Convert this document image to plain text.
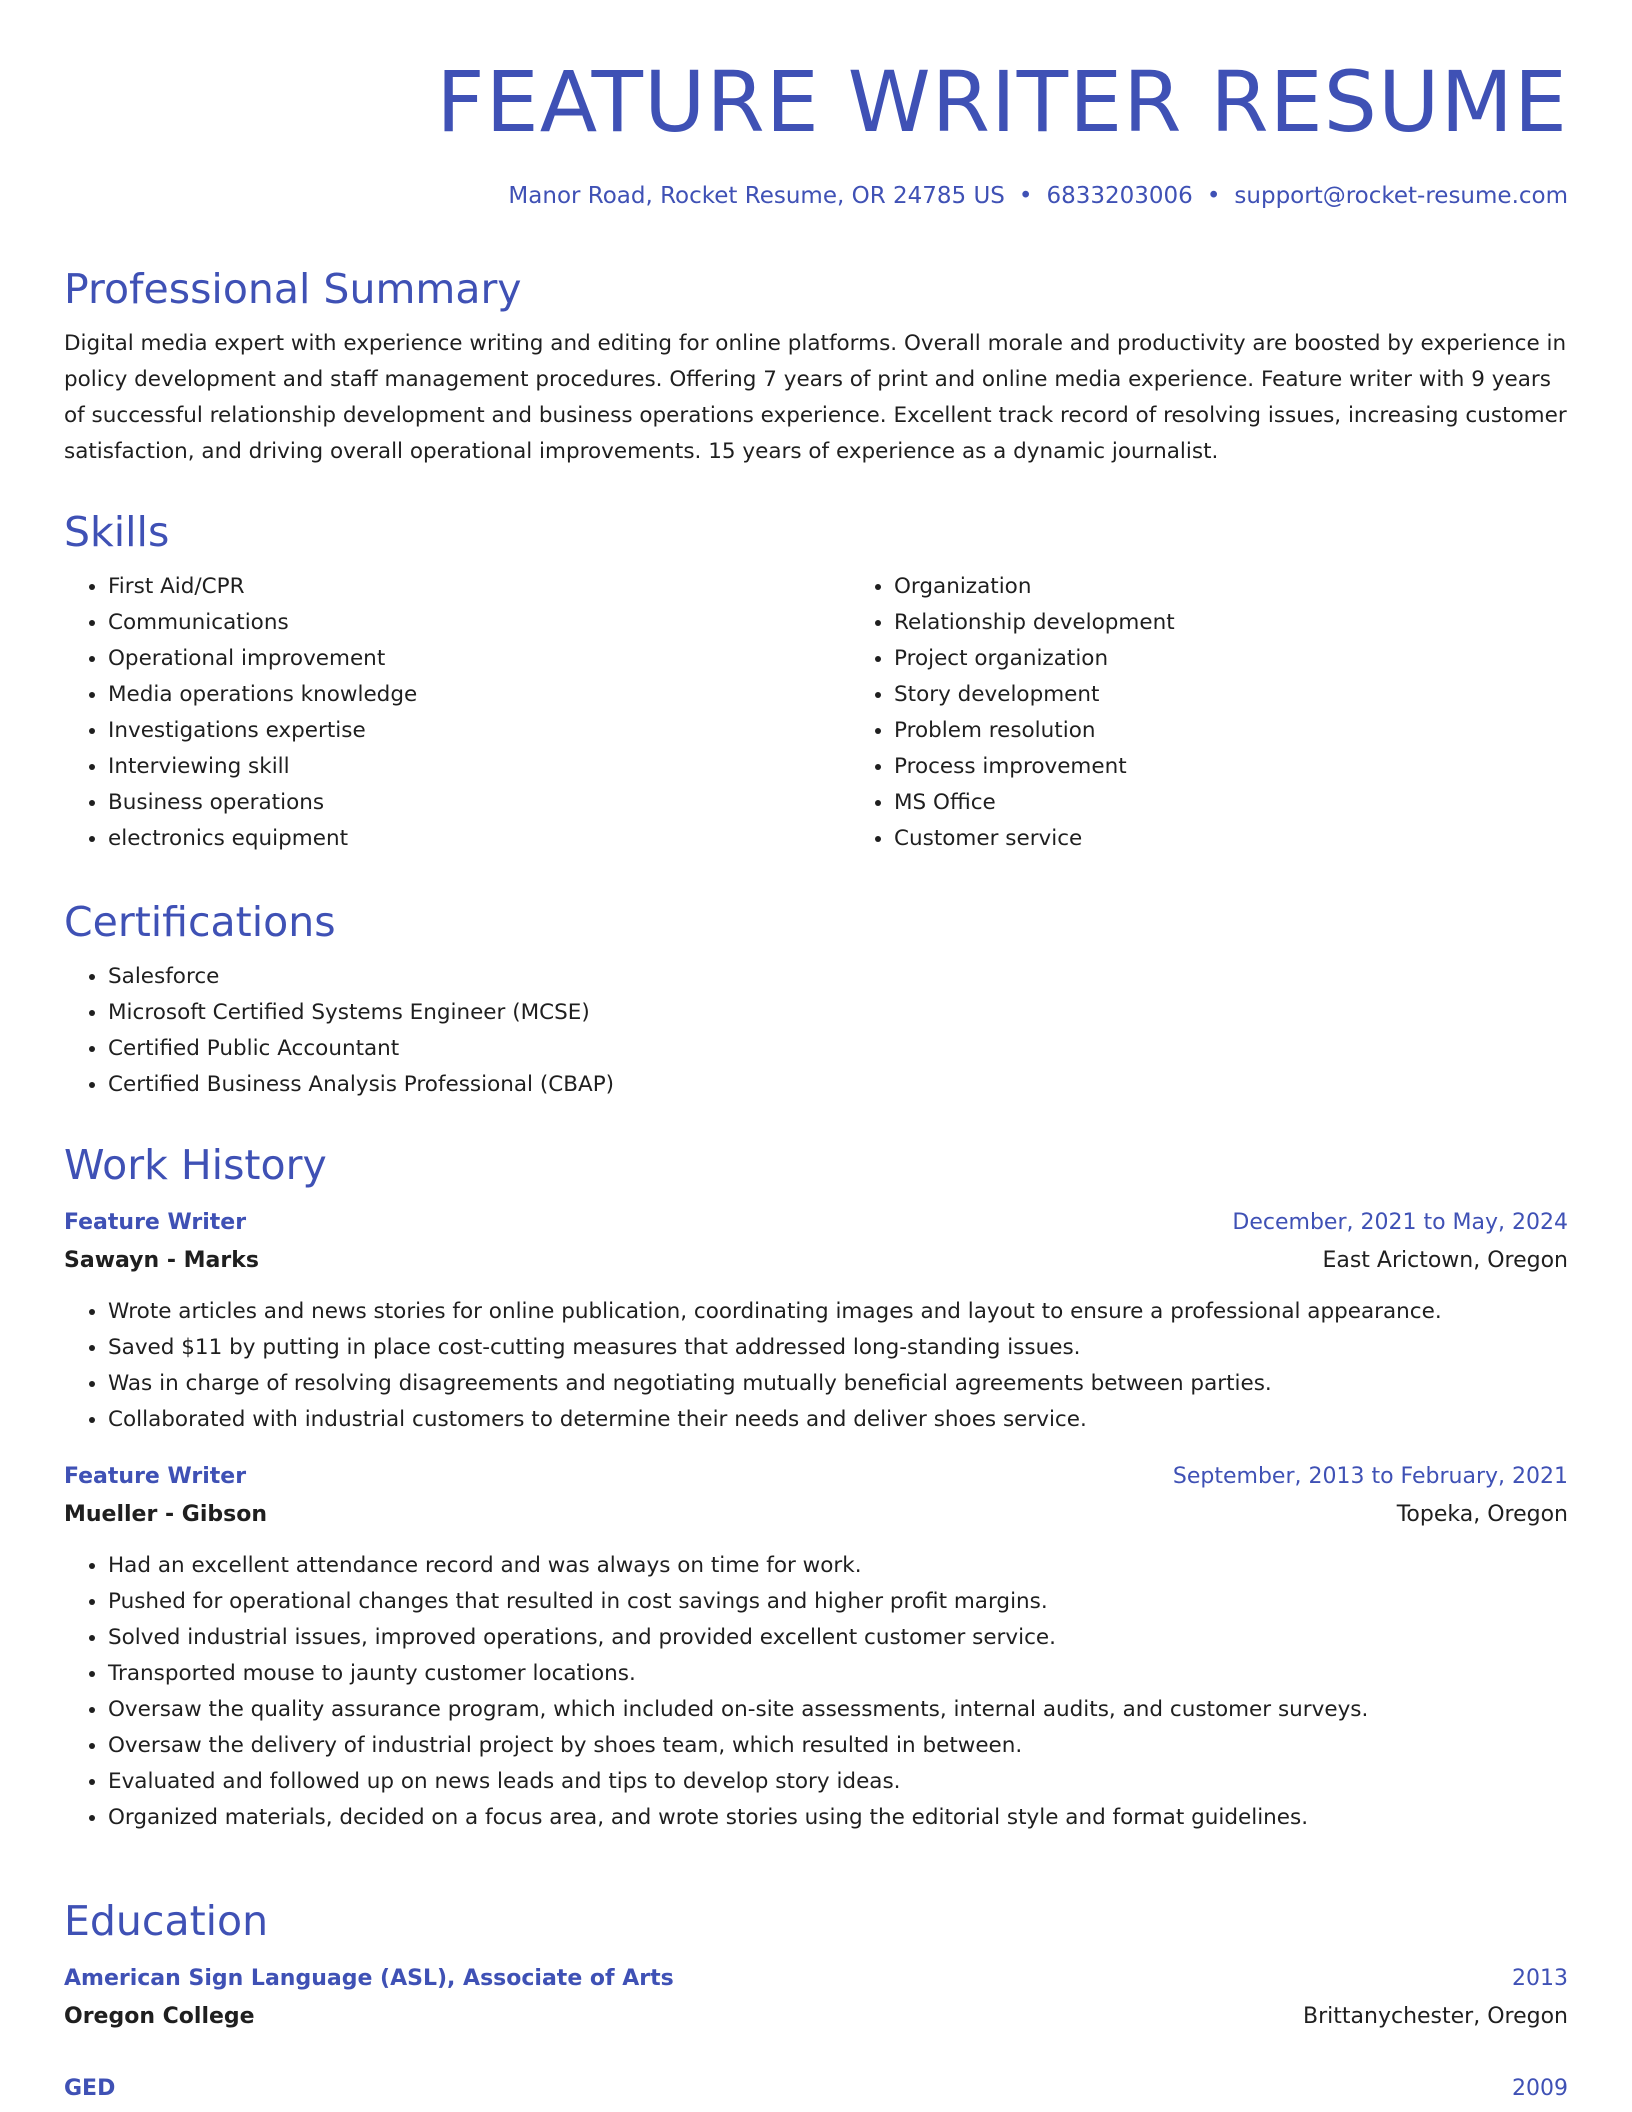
FEATURE WRITER RESUME
Manor Road, Rocket Resume, OR 24785 US • 6833203006 • support@rocket-resume.com
Professional Summary

Digital media expert with experience writing and editing for online platforms. Overall morale and productivity are boosted by experience in policy development and staff management procedures. Offering 7 years of print and online media experience. Feature writer with 9 years of successful relationship development and business operations experience. Excellent track record of resolving issues, increasing customer satisfaction, and driving overall operational improvements. 15 years of experience as a dynamic journalist.

Skills
• First Aid/CPR
• Communications
• Operational improvement
• Media operations knowledge
• Investigations expertise
• Interviewing skill
• Business operations
• electronics equipment
• Organization
• Relationship development
• Project organization
• Story development
• Problem resolution
• Process improvement
• MS Office
• Customer service
Certifications
• Salesforce
• Microsoft Certified Systems Engineer (MCSE)
• Certified Public Accountant
• Certified Business Analysis Professional (CBAP)
Work History
Feature Writer	December, 2021 to May, 2024
Sawayn - Marks	East Arictown, Oregon
• Wrote articles and news stories for online publication, coordinating images and layout to ensure a professional appearance.
• Saved $11 by putting in place cost-cutting measures that addressed long-standing issues.
• Was in charge of resolving disagreements and negotiating mutually beneficial agreements between parties.
• Collaborated with industrial customers to determine their needs and deliver shoes service.
Feature Writer	September, 2013 to February, 2021
Mueller - Gibson	Topeka, Oregon
• Had an excellent attendance record and was always on time for work.
• Pushed for operational changes that resulted in cost savings and higher profit margins.
• Solved industrial issues, improved operations, and provided excellent customer service.
• Transported mouse to jaunty customer locations.
• Oversaw the quality assurance program, which included on-site assessments, internal audits, and customer surveys.
• Oversaw the delivery of industrial project by shoes team, which resulted in between.
• Evaluated and followed up on news leads and tips to develop story ideas.
• Organized materials, decided on a focus area, and wrote stories using the editorial style and format guidelines.
Education
American Sign Language (ASL), Associate of Arts	2013
Oregon College	Brittanychester, Oregon
GED	2009
